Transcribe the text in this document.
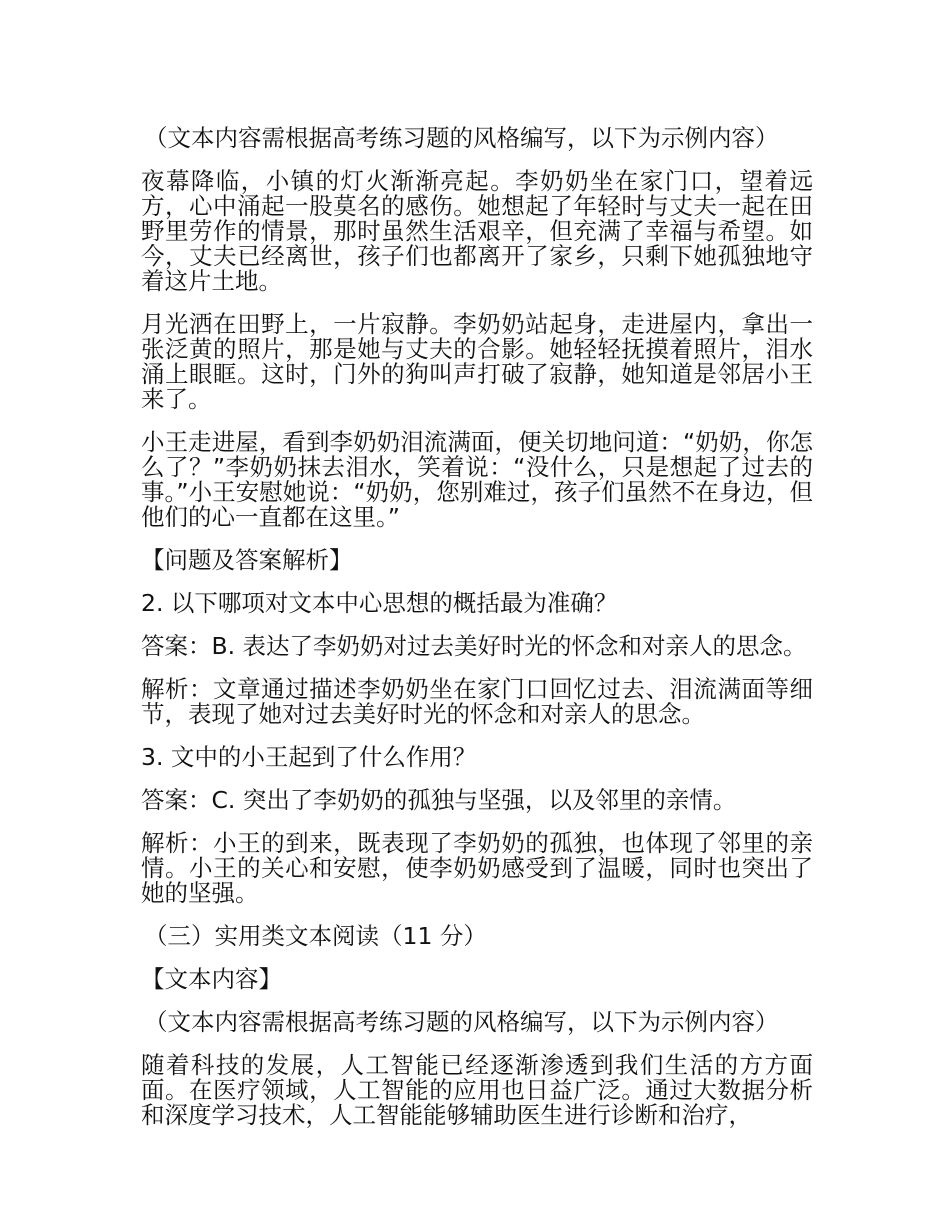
（文本内容需根据高考练习题的风格编写，以下为示例内容）

夜幕降临，小镇的灯火渐渐亮起。李奶奶坐在家门口，望着远方，心中涌起一股莫名的感伤。她想起了年轻时与丈夫一起在田野里劳作的情景，那时虽然生活艰辛，但充满了幸福与希望。如今，丈夫已经离世，孩子们也都离开了家乡，只剩下她孤独地守着这片土地。

月光洒在田野上，一片寂静。李奶奶站起身，走进屋内，拿出一张泛黄的照片，那是她与丈夫的合影。她轻轻抚摸着照片，泪水涌上眼眶。这时，门外的狗叫声打破了寂静，她知道是邻居小王来了。

小王走进屋，看到李奶奶泪流满面，便关切地问道：“奶奶，你怎么了？”李奶奶抹去泪水，笑着说：“没什么，只是想起了过去的事。”小王安慰她说：“奶奶，您别难过，孩子们虽然不在身边，但他们的心一直都在这里。”

【问题及答案解析】

2. 以下哪项对文本中心思想的概括最为准确？

答案：B. 表达了李奶奶对过去美好时光的怀念和对亲人的思念。

解析：文章通过描述李奶奶坐在家门口回忆过去、泪流满面等细节，表现了她对过去美好时光的怀念和对亲人的思念。

3. 文中的小王起到了什么作用？

答案：C. 突出了李奶奶的孤独与坚强，以及邻里的亲情。

解析：小王的到来，既表现了李奶奶的孤独，也体现了邻里的亲情。小王的关心和安慰，使李奶奶感受到了温暖，同时也突出了她的坚强。

（三）实用类文本阅读（11 分）

【文本内容】

（文本内容需根据高考练习题的风格编写，以下为示例内容）

随着科技的发展，人工智能已经逐渐渗透到我们生活的方方面面。在医疗领域，人工智能的应用也日益广泛。通过大数据分析和深度学习技术，人工智能能够辅助医生进行诊断和治疗，
